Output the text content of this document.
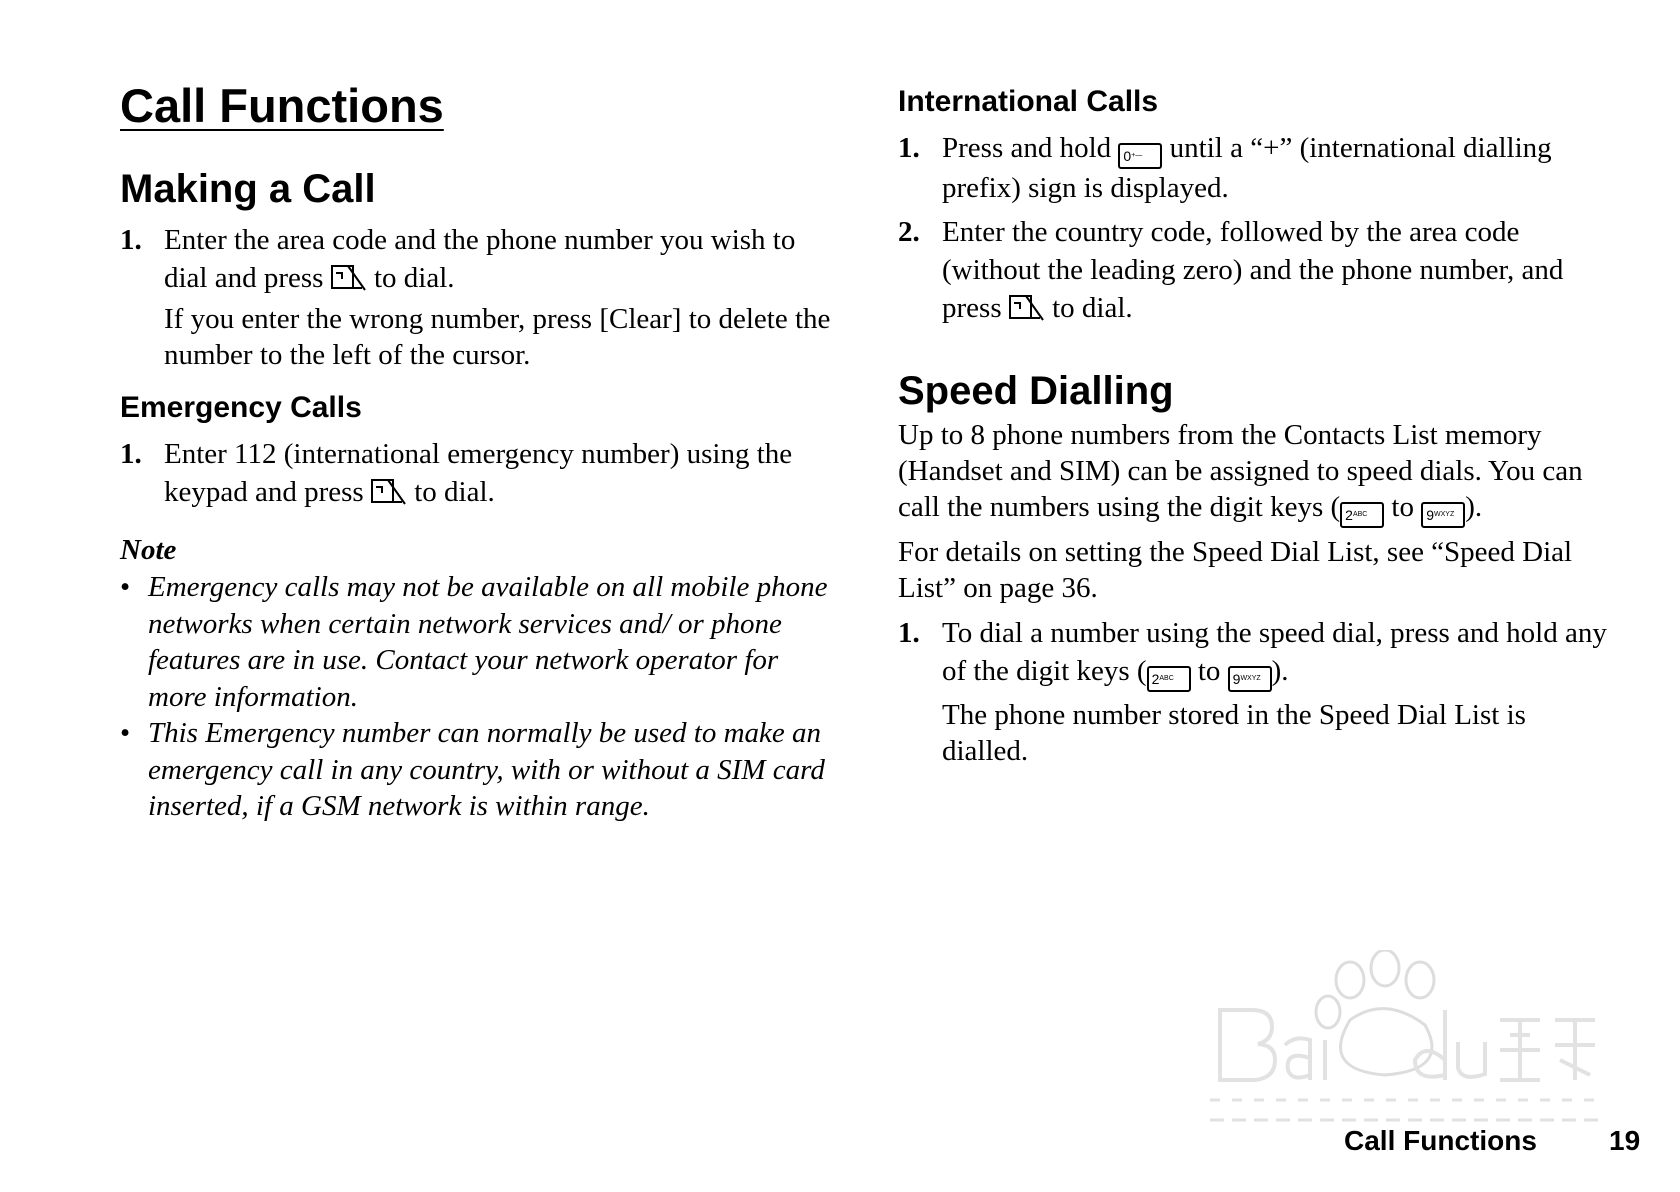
Call Functions
Making a Call
1. Enter the area code and the phone number you wish to dial and press to dial.
If you enter the wrong number, press [Clear] to delete the number to the left of the cursor.
Emergency Calls
1. Enter 112 (international emergency number) using the keypad and press to dial.
Note
• Emergency calls may not be available on all mobile phone networks when certain network services and/ or phone features are in use. Contact your network operator for more information.
• This Emergency number can normally be used to make an emergency call in any country, with or without a SIM card inserted, if a GSM network is within range.
International Calls
1. Press and hold 0+— until a “+” (international dialling prefix) sign is displayed.
2. Enter the country code, followed by the area code (without the leading zero) and the phone number, and press to dial.
Speed Dialling
Up to 8 phone numbers from the Contacts List memory (Handset and SIM) can be assigned to speed dials. You can call the numbers using the digit keys ( $2^{ABC}$ to $9^{WXYZ}$ ).
For details on setting the Speed Dial List, see “Speed Dial List” on page 36.
1. To dial a number using the speed dial, press and hold any of the digit keys ( $2^{ABC}$ to $9^{WXYZ}$ ).
The phone number stored in the Speed Dial List is dialled.
Call Functions	19
